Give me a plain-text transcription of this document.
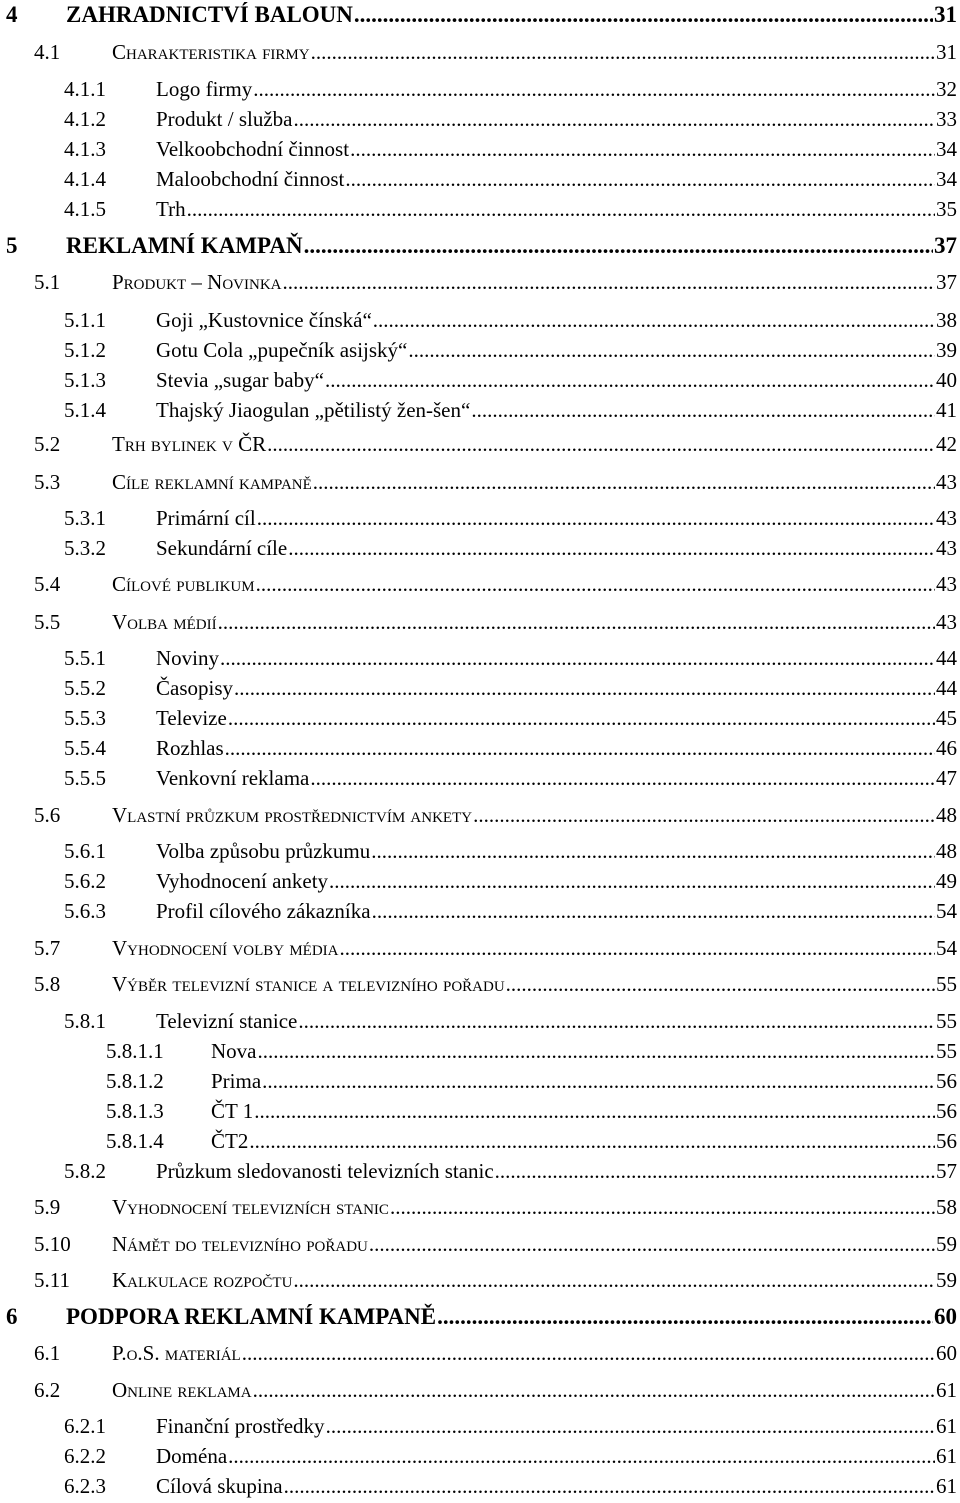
4	ZAHRADNICTVÍ BALOUN .....	31
4.1	Charakteristika firmy .....	31
4.1.1	Logo firmy .....	32
4.1.2	Produkt / služba .....	33
4.1.3	Velkoobchodní činnost .....	34
4.1.4	Maloobchodní činnost .....	34
4.1.5	Trh .....	35
5	REKLAMNÍ KAMPAŇ .....	37
5.1	Produkt – Novinka .....	37
5.1.1	Goji „Kustovnice čínská“ .....	38
5.1.2	Gotu Cola „pupečník asijský“ .....	39
5.1.3	Stevia „sugar baby“ .....	40
5.1.4	Thajský Jiaogulan „pětilistý žen-šen“ .....	41
5.2	Trh bylinek v ČR .....	42
5.3	Cíle reklamní kampaně .....	43
5.3.1	Primární cíl .....	43
5.3.2	Sekundární cíle .....	43
5.4	Cílové publikum .....	43
5.5	Volba médií .....	43
5.5.1	Noviny .....	44
5.5.2	Časopisy .....	44
5.5.3	Televize .....	45
5.5.4	Rozhlas .....	46
5.5.5	Venkovní reklama .....	47
5.6	Vlastní průzkum prostřednictvím ankety .....	48
5.6.1	Volba způsobu průzkumu .....	48
5.6.2	Vyhodnocení ankety .....	49
5.6.3	Profil cílového zákazníka .....	54
5.7	Vyhodnocení volby média .....	54
5.8	Výběr televizní stanice a televizního pořadu .....	55
5.8.1	Televizní stanice .....	55
5.8.1.1	Nova .....	55
5.8.1.2	Prima .....	56
5.8.1.3	ČT 1 .....	56
5.8.1.4	ČT2 .....	56
5.8.2	Průzkum sledovanosti televizních stanic .....	57
5.9	Vyhodnocení televizních stanic .....	58
5.10	Námět do televizního pořadu .....	59
5.11	Kalkulace rozpočtu .....	59
6	PODPORA REKLAMNÍ KAMPANĚ .....	60
6.1	P.o.S. materiál .....	60
6.2	Online reklama .....	61
6.2.1	Finanční prostředky .....	61
6.2.2	Doména .....	61
6.2.3	Cílová skupina .....	61
